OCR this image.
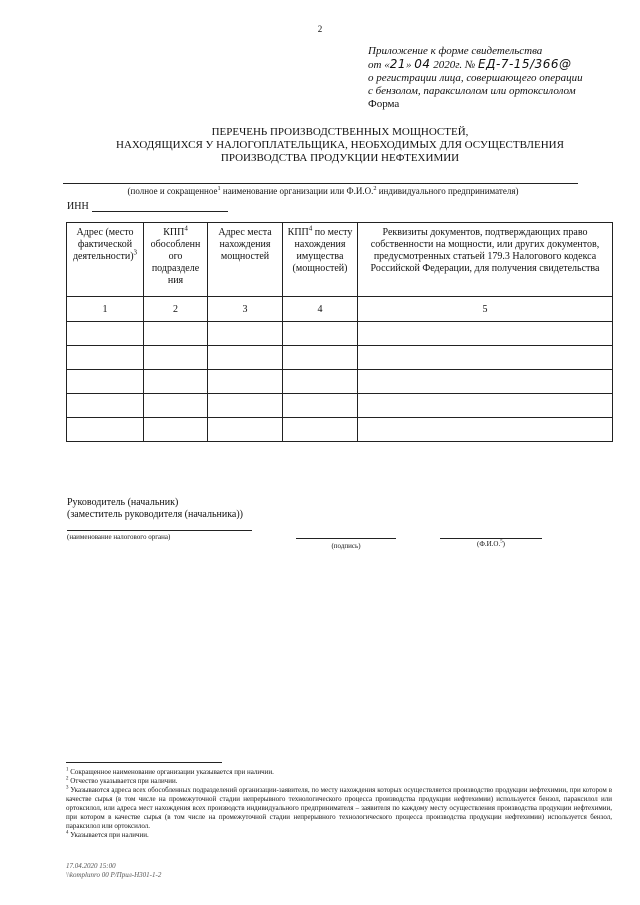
2
Приложение к форме свидетельства
от «21» 04 2020г. № ЕД-7-15/366@
о регистрации лица, совершающего операции
с бензолом, параксилолом или ортоксилолом
Форма
ПЕРЕЧЕНЬ ПРОИЗВОДСТВЕННЫХ МОЩНОСТЕЙ,
НАХОДЯЩИХСЯ У НАЛОГОПЛАТЕЛЬЩИКА, НЕОБХОДИМЫХ ДЛЯ ОСУЩЕСТВЛЕНИЯ
ПРОИЗВОДСТВА ПРОДУКЦИИ НЕФТЕХИМИИ
(полное и сокращенное$^1$ наименование организации или Ф.И.О.$^2$ индивидуального предпринимателя)
ИНН
Адрес (место фактической деятельности)$^3$	КПП$^4$ обособленн ого подразделе ния	Адрес места нахождения мощностей	КПП$^4$ по месту нахождения имущества (мощностей)	Реквизиты документов, подтверждающих право собственности на мощности, или других документов, предусмотренных статьей 179.3 Налогового кодекса Российской Федерации, для получения свидетельства
1	2	3	4	5

Руководитель (начальник)
(заместитель руководителя (начальника))
(наименование налогового органа)
(подпись)	(Ф.И.О.$^5$)
$^1$ Сокращенное наименование организации указывается при наличии.
$^2$ Отчество указывается при наличии.
$^3$ Указываются адреса всех обособленных подразделений организации-заявителя, по месту нахождения которых осуществляется производство продукции нефтехимии, при котором в качестве сырья (в том числе на промежуточной стадии непрерывного технологического процесса производства продукции нефтехимии) используется бензол, параксилол или ортоксилол, или адреса мест нахождения всех производств индивидуального предпринимателя – заявителя по каждому месту осуществления производства продукции нефтехимии, при котором в качестве сырья (в том числе на промежуточной стадии непрерывного технологического процесса производства продукции нефтехимии) используется бензол, параксилол или ортоксилол.
$^4$ Указывается при наличии.
17.04.2020 15:00
\\komplunro 00 P/Прил-Н301-1-2
